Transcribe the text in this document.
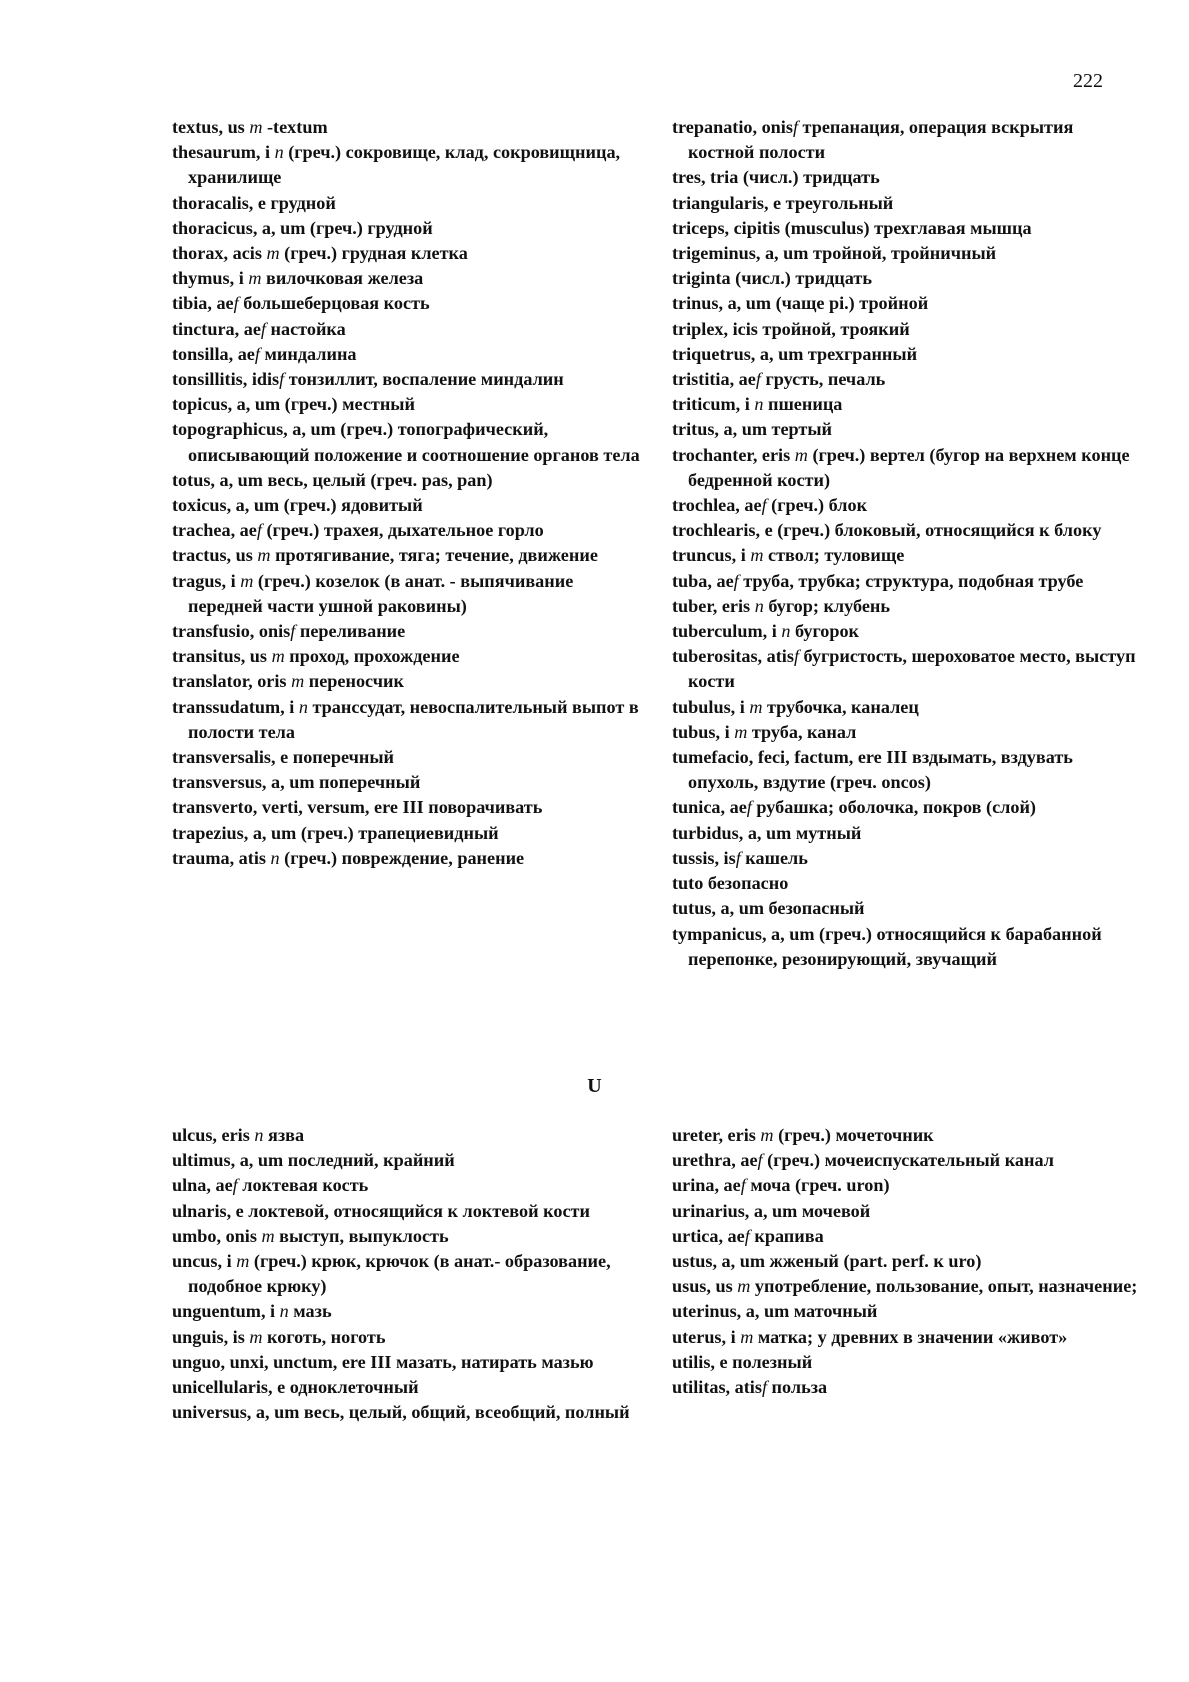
222

textus, us m -textum

thesaurum, i n (греч.) сокровище, клад, сокровищница, хранилище

thoracalis, e грудной

thoracicus, a, um (греч.) грудной

thorax, acis m (греч.) грудная клетка

thymus, i m вилочковая железа

tibia, aef большеберцовая кость

tinctura, aef настойка

tonsilla, aef миндалина

tonsillitis, idisf тонзиллит, воспаление миндалин

topicus, a, um (греч.) местный

topographicus, a, um (греч.) топографический, описывающий положение и соотношение органов тела

totus, a, um весь, целый (греч. pas, pan)

toxicus, a, um (греч.) ядовитый

trachea, aef (греч.) трахея, дыхательное горло

tractus, us m протягивание, тяга; течение, движение

tragus, i m (греч.) козелок (в анат. - выпячивание передней части ушной раковины)

transfusio, onisf переливание

transitus, us m проход, прохождение

translator, oris m переносчик

transsudatum, i n транссудат, невоспалительный выпот в полости тела

transversalis, e поперечный

transversus, a, um поперечный

transverto, verti, versum, ere III поворачивать

trapezius, a, um (греч.) трапециевидный

trauma, atis n (греч.) повреждение, ранение

trepanatio, onisf трепанация, операция вскрытия костной полости

tres, tria (числ.) тридцать

triangularis, e треугольный

triceps, cipitis (musculus) трехглавая мышца

trigeminus, a, um тройной, тройничный

triginta (числ.) тридцать

trinus, a, um (чаще pi.) тройной

triplex, icis тройной, троякий

triquetrus, a, um трехгранный

tristitia, aef грусть, печаль

triticum, i n пшеница

tritus, a, um тертый

trochanter, eris m (греч.) вертел (бугор на верхнем конце бедренной кости)

trochlea, aef (греч.) блок

trochlearis, e (греч.) блоковый, относящийся к блоку

truncus, i m ствол; туловище

tuba, aef труба, трубка; структура, подобная трубе

tuber, eris n бугор; клубень

tuberculum, i n бугорок

tuberositas, atisf бугристость, шероховатое место, выступ кости

tubulus, i m трубочка, каналец

tubus, i m труба, канал

tumefacio, feci, factum, ere III вздымать, вздувать опухоль, вздутие (греч. oncos)

tunica, aef рубашка; оболочка, покров (слой)

turbidus, a, um мутный

tussis, isf кашель

tuto безопасно

tutus, a, um безопасный

tympanicus, a, um (греч.) относящийся к барабанной перепонке, резонирующий, звучащий

U

ulcus, eris n язва

ultimus, a, um последний, крайний

ulna, aef локтевая кость

ulnaris, e локтевой, относящийся к локтевой кости

umbo, onis m выступ, выпуклость

uncus, i m (греч.) крюк, крючок (в анат.- образование, подобное крюку)

unguentum, i n мазь

unguis, is m коготь, ноготь

unguo, unxi, unctum, ere III мазать, натирать мазью

unicellularis, e одноклеточный

universus, a, um весь, целый, общий, всеобщий, полный

ureter, eris m (греч.) мочеточник

urethra, aef (греч.) мочеиспускательный канал

urina, aef моча (греч. uron)

urinarius, a, um мочевой

urtica, aef крапива

ustus, a, um жженый (part. perf. к uro)

usus, us m употребление, пользование, опыт, назначение;

uterinus, a, um маточный

uterus, i m матка; у древних в значении «живот»

utilis, e полезный

utilitas, atisf польза
